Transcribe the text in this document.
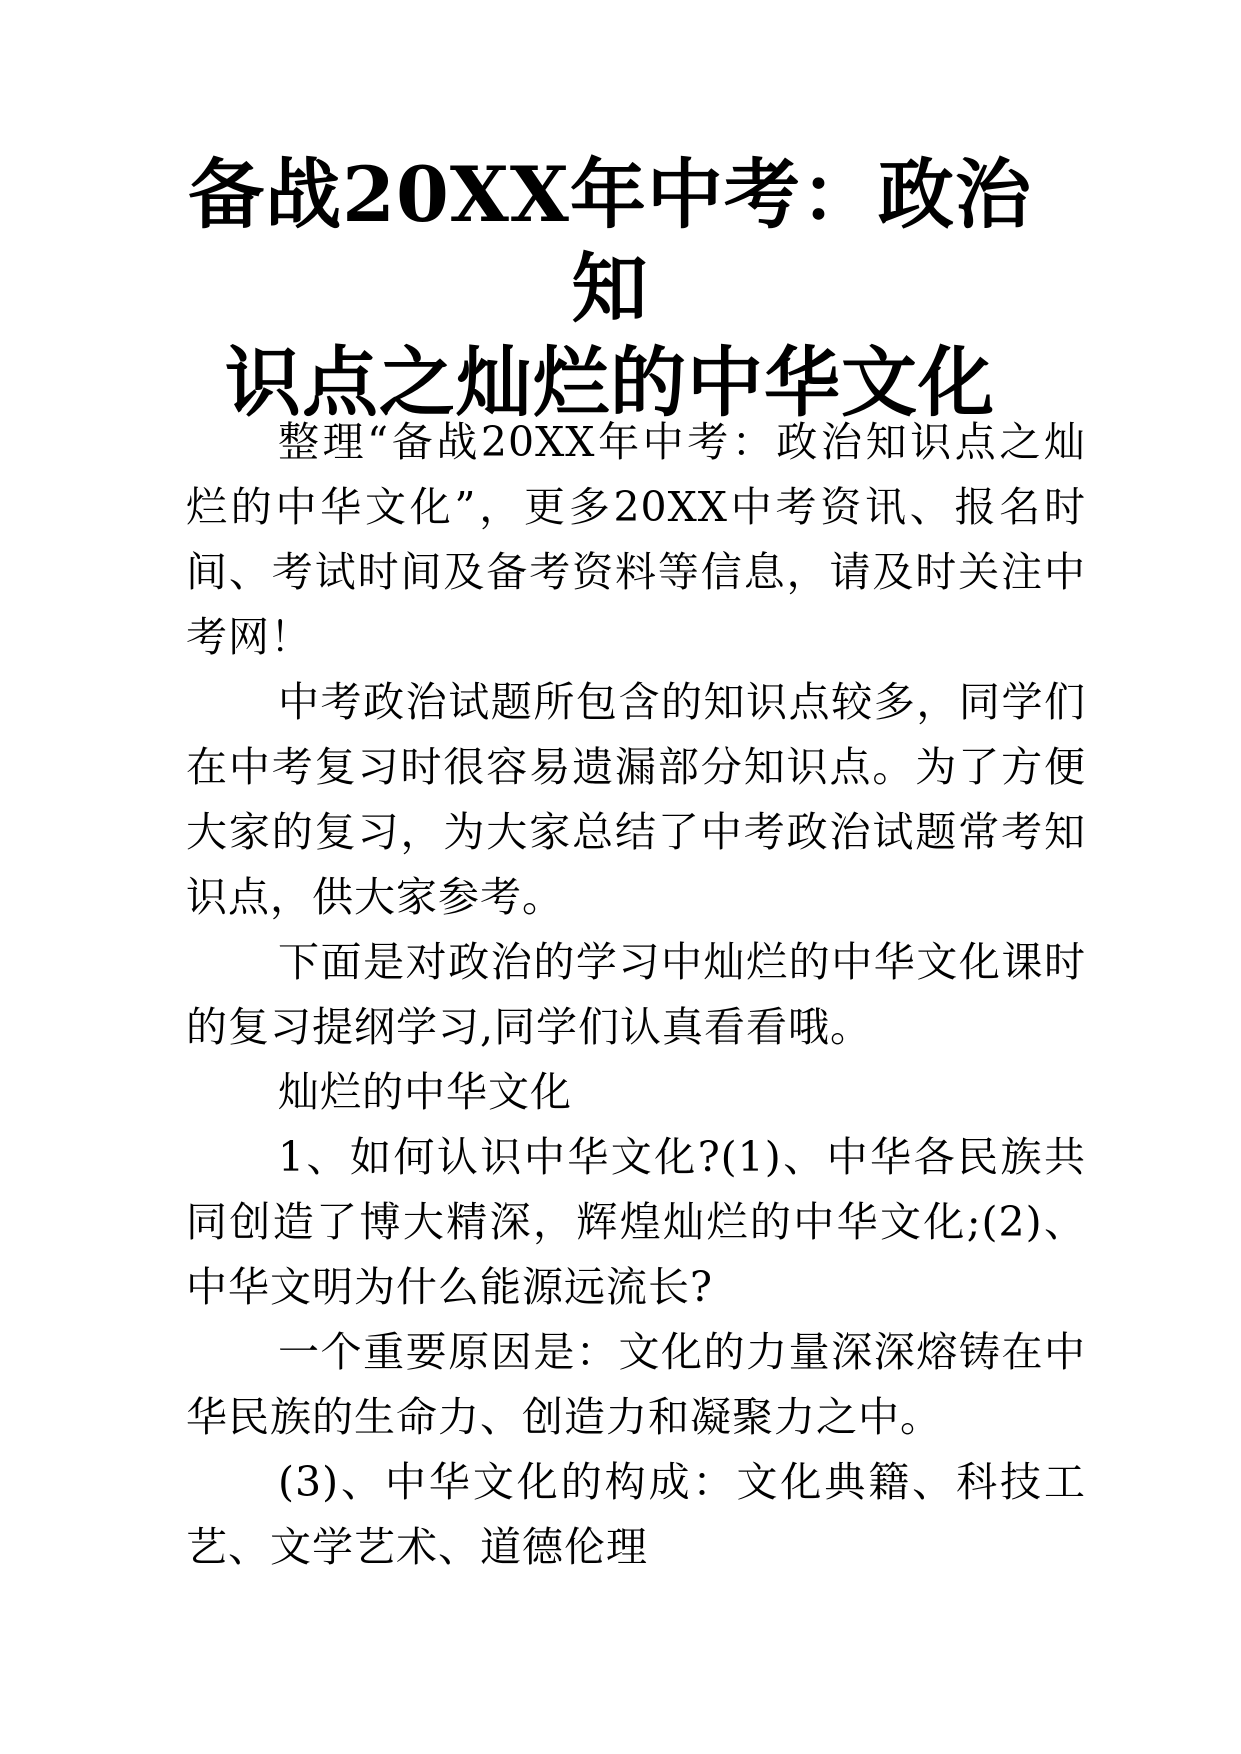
备战20XX年中考：政治知
识点之灿烂的中华文化

整理“备战20XX年中考：政治知识点之灿烂的中华文化”，更多20XX中考资讯、报名时间、考试时间及备考资料等信息，请及时关注中考网！

中考政治试题所包含的知识点较多，同学们在中考复习时很容易遗漏部分知识点。为了方便大家的复习，为大家总结了中考政治试题常考知识点，供大家参考。

下面是对政治的学习中灿烂的中华文化课时的复习提纲学习,同学们认真看看哦。

灿烂的中华文化

1、如何认识中华文化?(1)、中华各民族共同创造了博大精深，辉煌灿烂的中华文化;(2)、中华文明为什么能源远流长?

一个重要原因是：文化的力量深深熔铸在中华民族的生命力、创造力和凝聚力之中。

(3)、中华文化的构成：文化典籍、科技工艺、文学艺术、道德伦理
